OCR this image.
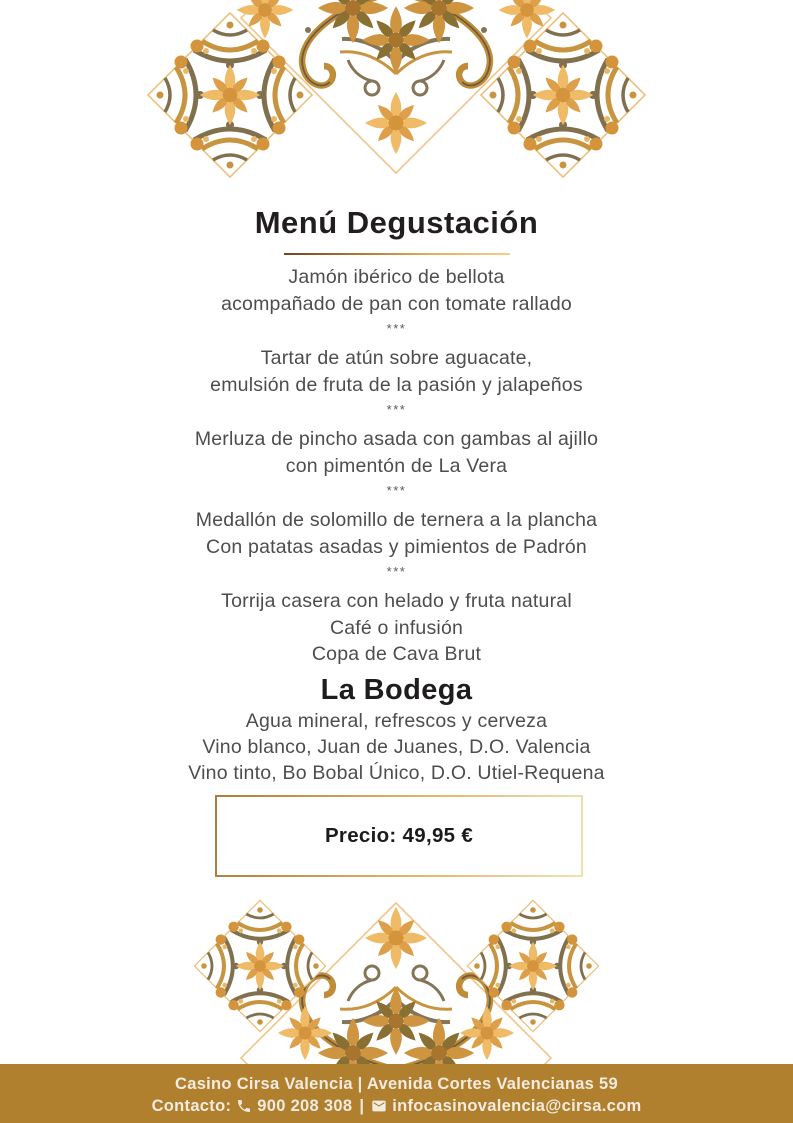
Menú Degustación
Jamón ibérico de bellota
acompañado de pan con tomate rallado
***
Tartar de atún sobre aguacate,
emulsión de fruta de la pasión y jalapeños
***
Merluza de pincho asada con gambas al ajillo
con pimentón de La Vera
***
Medallón de solomillo de ternera a la plancha
Con patatas asadas y pimientos de Padrón
***
Torrija casera con helado y fruta natural
Café o infusión
Copa de Cava Brut
La Bodega
Agua mineral, refrescos y cerveza
Vino blanco, Juan de Juanes, D.O. Valencia
Vino tinto, Bo Bobal Único, D.O. Utiel-Requena
Precio: 49,95 €
Casino Cirsa Valencia | Avenida Cortes Valencianas 59
Contacto: 900 208 308 | infocasinovalencia@cirsa.com
